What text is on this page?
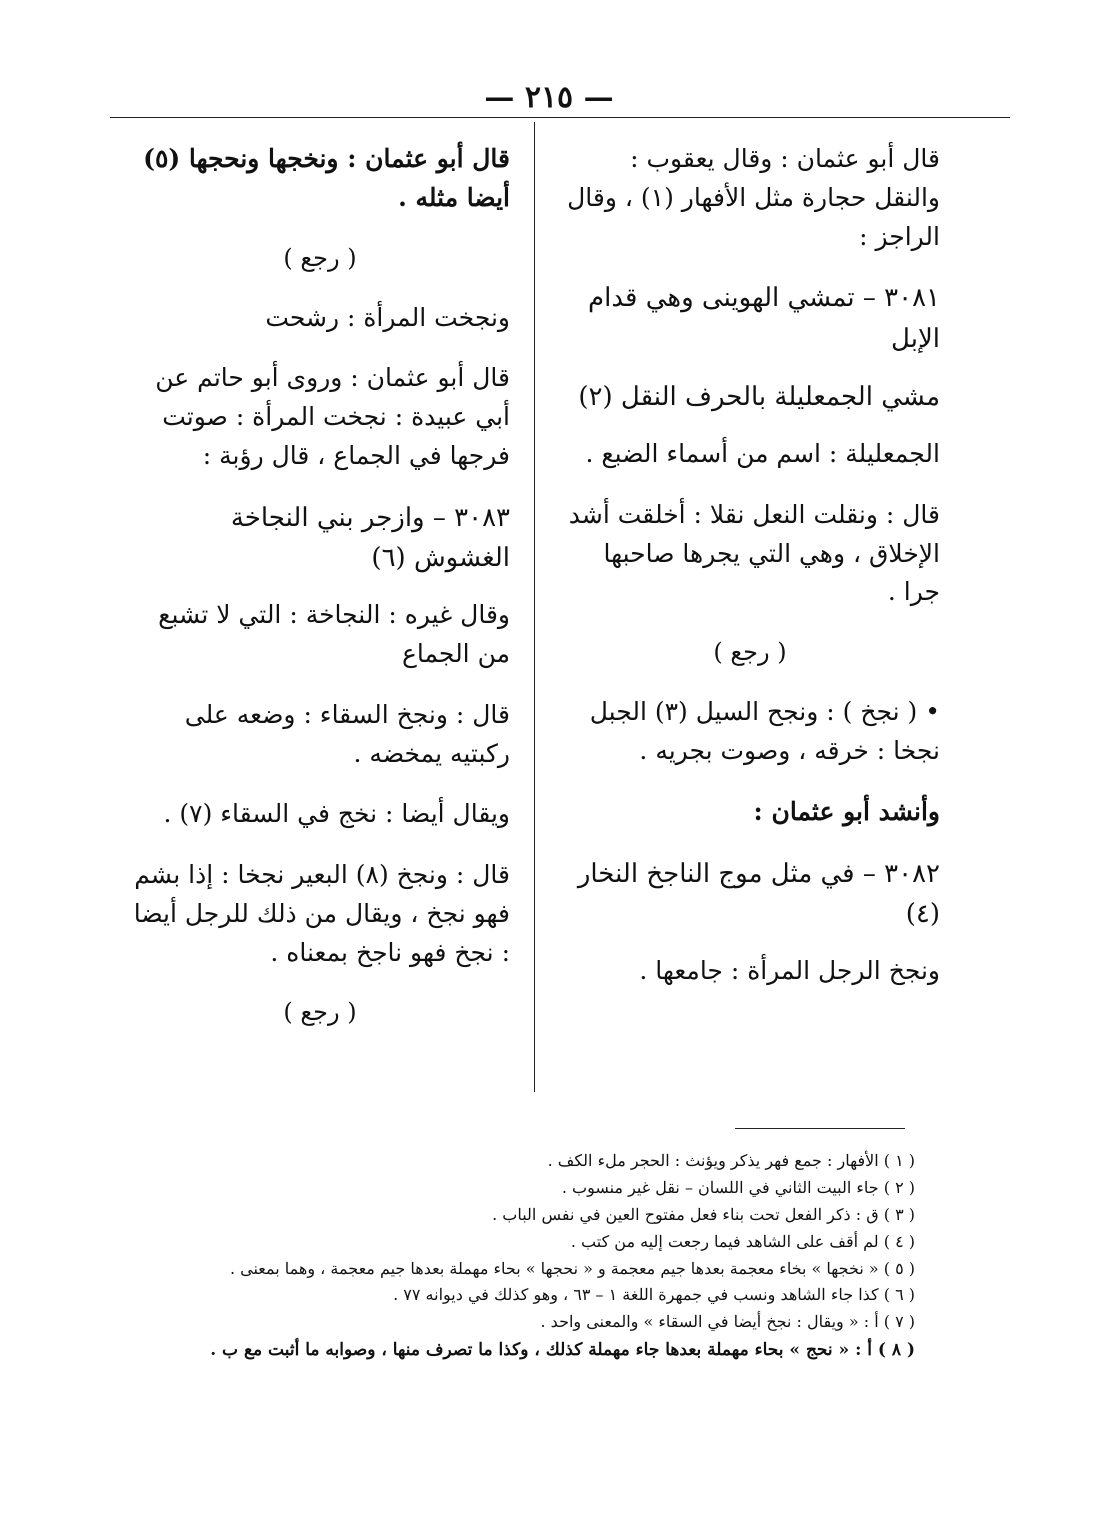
— ٢١٥ —

قال أبو عثمان : وقال يعقوب : والنقل حجارة مثل الأفهار (١) ، وقال الراجز :

٣٠٨١ – تمشي الهوينى وهي قدام الإبل

مشي الجمعليلة بالحرف النقل (٢)

الجمعليلة : اسم من أسماء الضبع .

قال : ونقلت النعل نقلا : أخلقت أشد الإخلاق ، وهي التي يجرها صاحبها جرا .

( رجع )

• ( نجخ ) : ونجح السيل (٣) الجبل نجخا : خرقه ، وصوت بجريه .

وأنشد أبو عثمان :

٣٠٨٢ – في مثل موج الناجخ النخار (٤)

ونجخ الرجل المرأة : جامعها .

قال أبو عثمان : ونخجها ونحجها (٥) أيضا مثله .

( رجع )

ونجخت المرأة : رشحت

قال أبو عثمان : وروى أبو حاتم عن أبي عبيدة : نجخت المرأة : صوتت فرجها في الجماع ، قال رؤبة :

٣٠٨٣ – وازجر بني النجاخة الغشوش (٦)

وقال غيره : النجاخة : التي لا تشبع من الجماع

قال : ونجخ السقاء : وضعه على ركبتيه يمخضه .

ويقال أيضا : نخج في السقاء (٧) .

قال : ونجخ (٨) البعير نجخا : إذا بشم فهو نجخ ، ويقال من ذلك للرجل أيضا : نجخ فهو ناجخ بمعناه .

( رجع )

( ١ ) الأفهار : جمع فهر يذكر ويؤنث : الحجر ملء الكف .

( ٢ ) جاء البيت الثاني في اللسان – نقل غير منسوب .

( ٣ ) ق : ذكر الفعل تحت بناء فعل مفتوح العين في نفس الباب .

( ٤ ) لم أقف على الشاهد فيما رجعت إليه من كتب .

( ٥ ) « نخجها » بخاء معجمة بعدها جيم معجمة و « نحجها » بحاء مهملة بعدها جيم معجمة ، وهما بمعنى .

( ٦ ) كذا جاء الشاهد ونسب في جمهرة اللغة ١ – ٦٣ ، وهو كذلك في ديوانه ٧٧ .

( ٧ ) أ : « ويقال : نجخ أيضا في السقاء » والمعنى واحد .

( ٨ ) أ : « نحج » بحاء مهملة بعدها جاء مهملة كذلك ، وكذا ما تصرف منها ، وصوابه ما أثبت مع ب .
